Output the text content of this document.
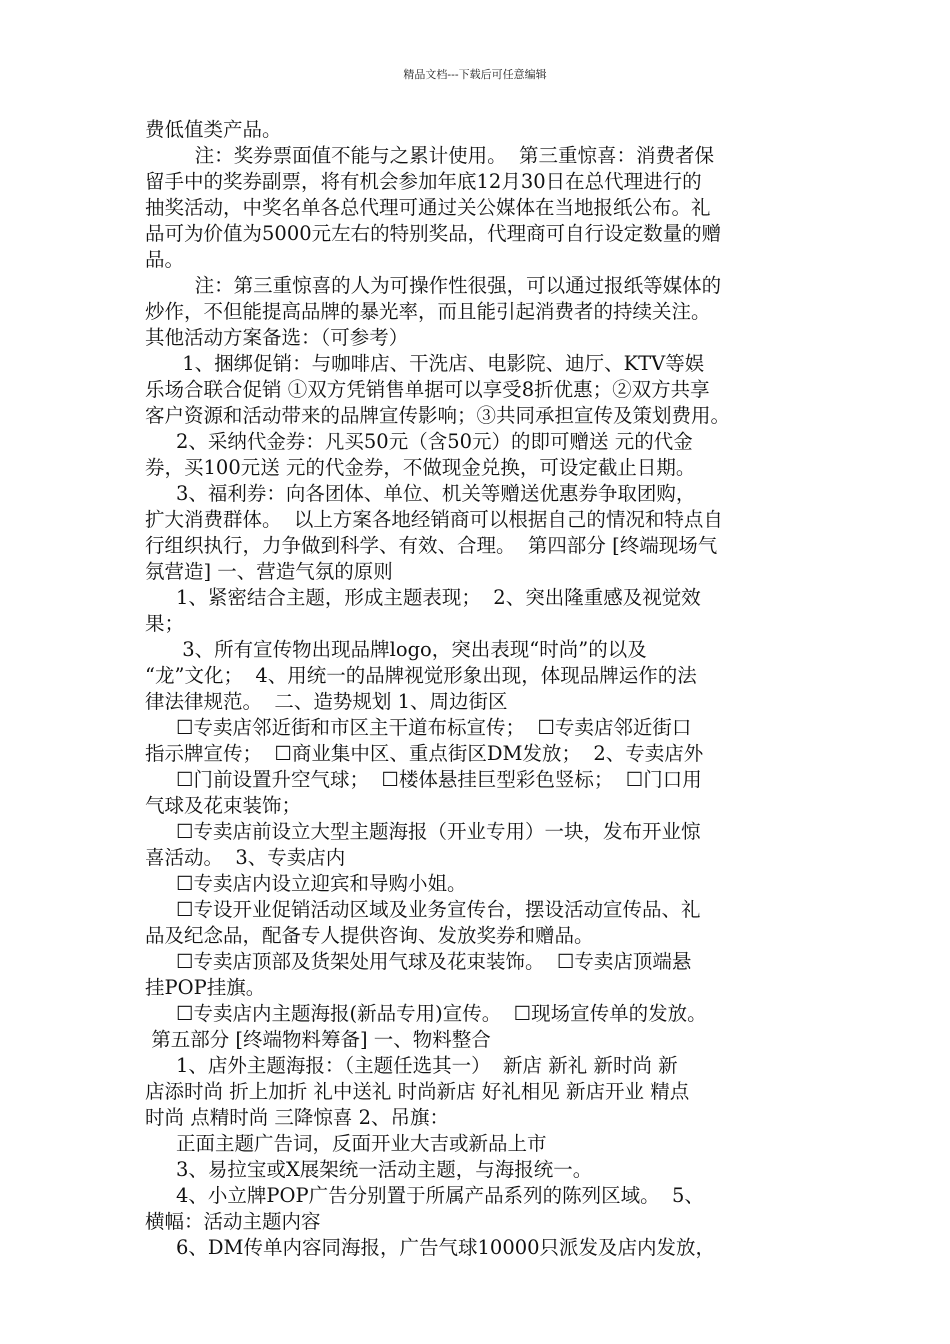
精品文档---下载后可任意编辑
费低值类产品。
注：奖券票面值不能与之累计使用。  第三重惊喜：消费者保
留手中的奖券副票，将有机会参加年底12月30日在总代理进行的
抽奖活动，中奖名单各总代理可通过关公媒体在当地报纸公布。礼
品可为价值为5000元左右的特别奖品，代理商可自行设定数量的赠
品。
注：第三重惊喜的人为可操作性很强，可以通过报纸等媒体的
炒作，不但能提高品牌的暴光率，而且能引起消费者的持续关注。
其他活动方案备选：（可参考）
1、捆绑促销：与咖啡店、干洗店、电影院、迪厅、KTV等娱
乐场合联合促销 ①双方凭销售单据可以享受8折优惠；②双方共享
客户资源和活动带来的品牌宣传影响；③共同承担宣传及策划费用。
2、采纳代金券：凡买50元（含50元）的即可赠送 元的代金
券，买100元送 元的代金券，不做现金兑换，可设定截止日期。
3、福利券：向各团体、单位、机关等赠送优惠券争取团购，
扩大消费群体。  以上方案各地经销商可以根据自己的情况和特点自
行组织执行，力争做到科学、有效、合理。  第四部分 [终端现场气
氛营造] 一、营造气氛的原则
1、紧密结合主题，形成主题表现；  2、突出隆重感及视觉效
果；
3、所有宣传物出现品牌logo，突出表现“时尚”的以及
“龙”文化；  4、用统一的品牌视觉形象出现，体现品牌运作的法
律法律规范。  二、造势规划 1、周边街区
☐专卖店邻近街和市区主干道布标宣传；  ☐专卖店邻近街口
指示牌宣传；  ☐商业集中区、重点街区DM发放；  2、专卖店外
☐门前设置升空气球；  ☐楼体悬挂巨型彩色竖标；  ☐门口用
气球及花束装饰；
☐专卖店前设立大型主题海报（开业专用）一块，发布开业惊
喜活动。  3、专卖店内
☐专卖店内设立迎宾和导购小姐。
☐专设开业促销活动区域及业务宣传台，摆设活动宣传品、礼
品及纪念品，配备专人提供咨询、发放奖券和赠品。
☐专卖店顶部及货架处用气球及花束装饰。  ☐专卖店顶端悬
挂POP挂旗。
☐专卖店内主题海报(新品专用)宣传。  ☐现场宣传单的发放。
第五部分 [终端物料筹备] 一、物料整合
1、店外主题海报：（主题任选其一）  新店 新礼 新时尚 新
店添时尚 折上加折 礼中送礼 时尚新店 好礼相见 新店开业 精点
时尚 点精时尚 三降惊喜 2、吊旗：
正面主题广告词，反面开业大吉或新品上市
3、易拉宝或X展架统一活动主题，与海报统一。
4、小立牌POP广告分别置于所属产品系列的陈列区域。  5、
横幅：活动主题内容
6、DM传单内容同海报，广告气球10000只派发及店内发放，
